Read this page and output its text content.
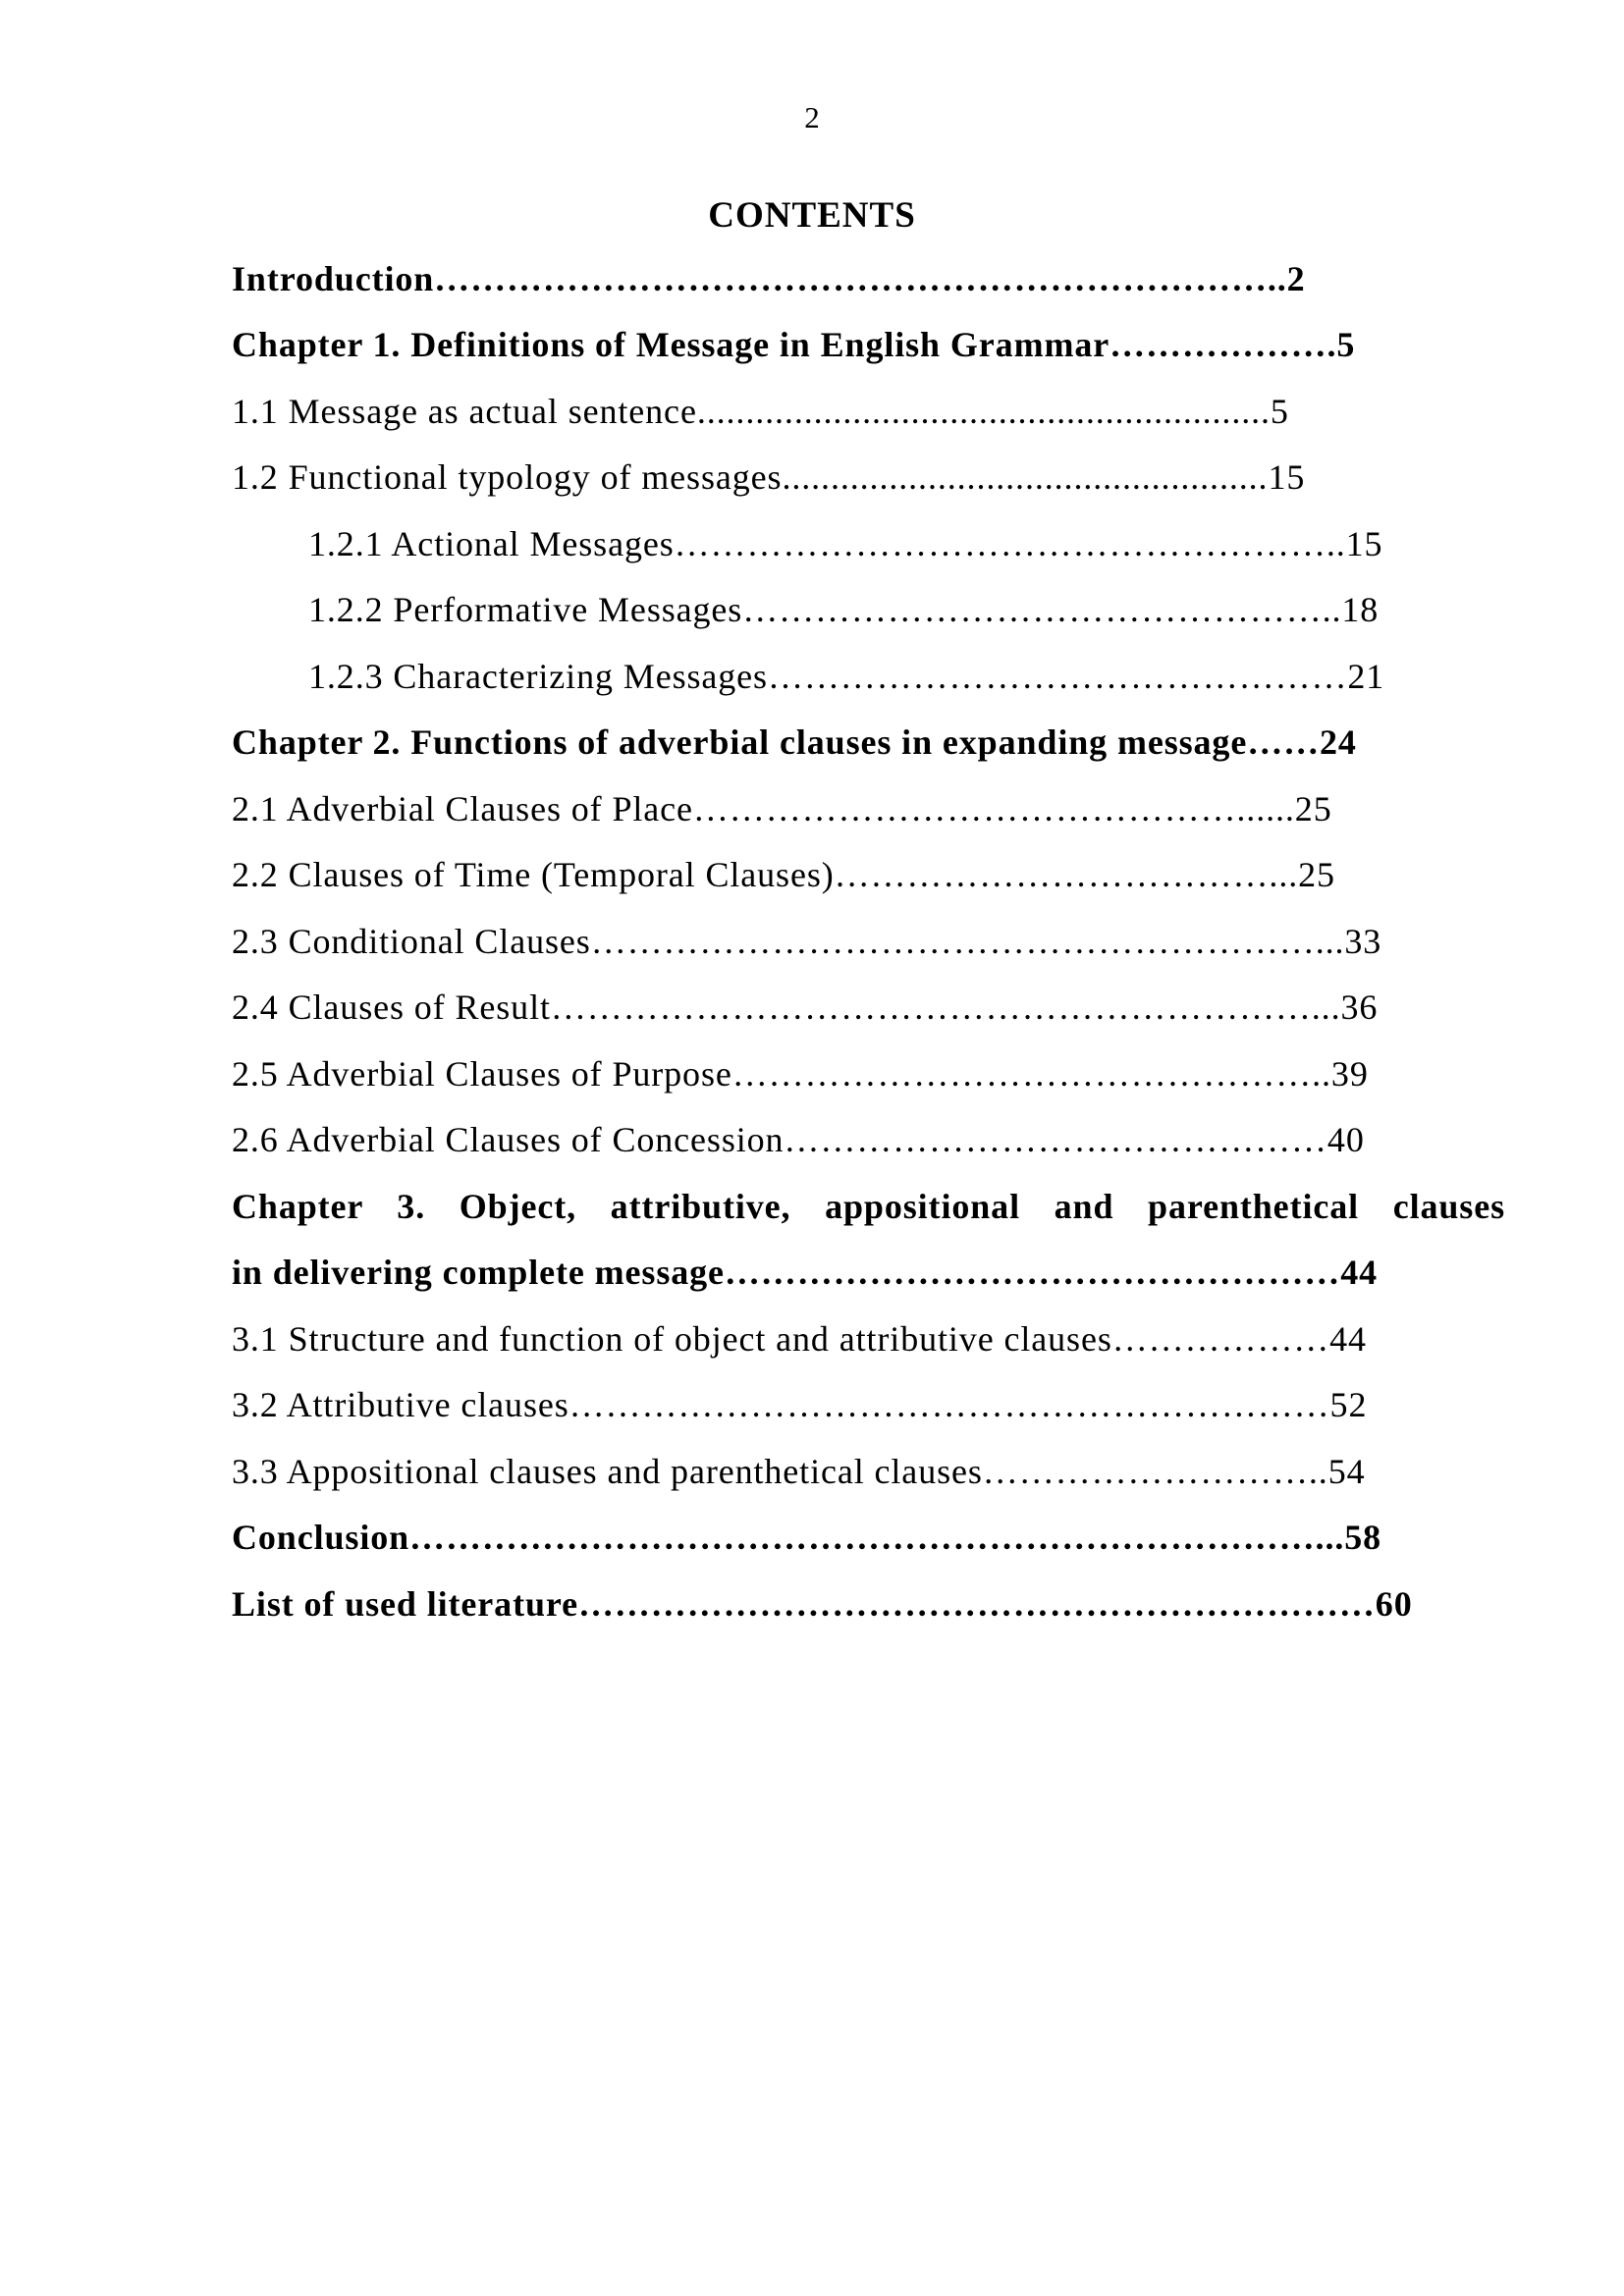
2
CONTENTS
Introduction……………………………………………………………..2
Chapter 1. Definitions of Message in English Grammar……………….5
1.1 Message as actual sentence...........................................................5
1.2 Functional typology of messages..................................................15
1.2.1 Actional Messages………………………………………………..15
1.2.2 Performative Messages…………………………………………..18
1.2.3 Characterizing Messages…………………………………………21
Chapter 2. Functions of adverbial clauses in expanding message……24
2.1 Adverbial Clauses of Place………………………………………......25
2.2 Clauses of Time (Temporal Clauses)………………………………...25
2.3 Conditional Clauses……………………………………………………...33
2.4 Clauses of Result………………………………………………………...36
2.5 Adverbial Clauses of Purpose…………………………………………..39
2.6 Adverbial Clauses of Concession………………………………………40
Chapter 3. Object, attributive, appositional and parenthetical clauses
in delivering complete message……………………………………………44
3.1 Structure and function of object and attributive clauses………………44
3.2 Attributive clauses………………………………………………………52
3.3 Appositional clauses and parenthetical clauses………………………..54
Conclusion…………………………………………………………………...58
List of used literature…………………………………………………………60
